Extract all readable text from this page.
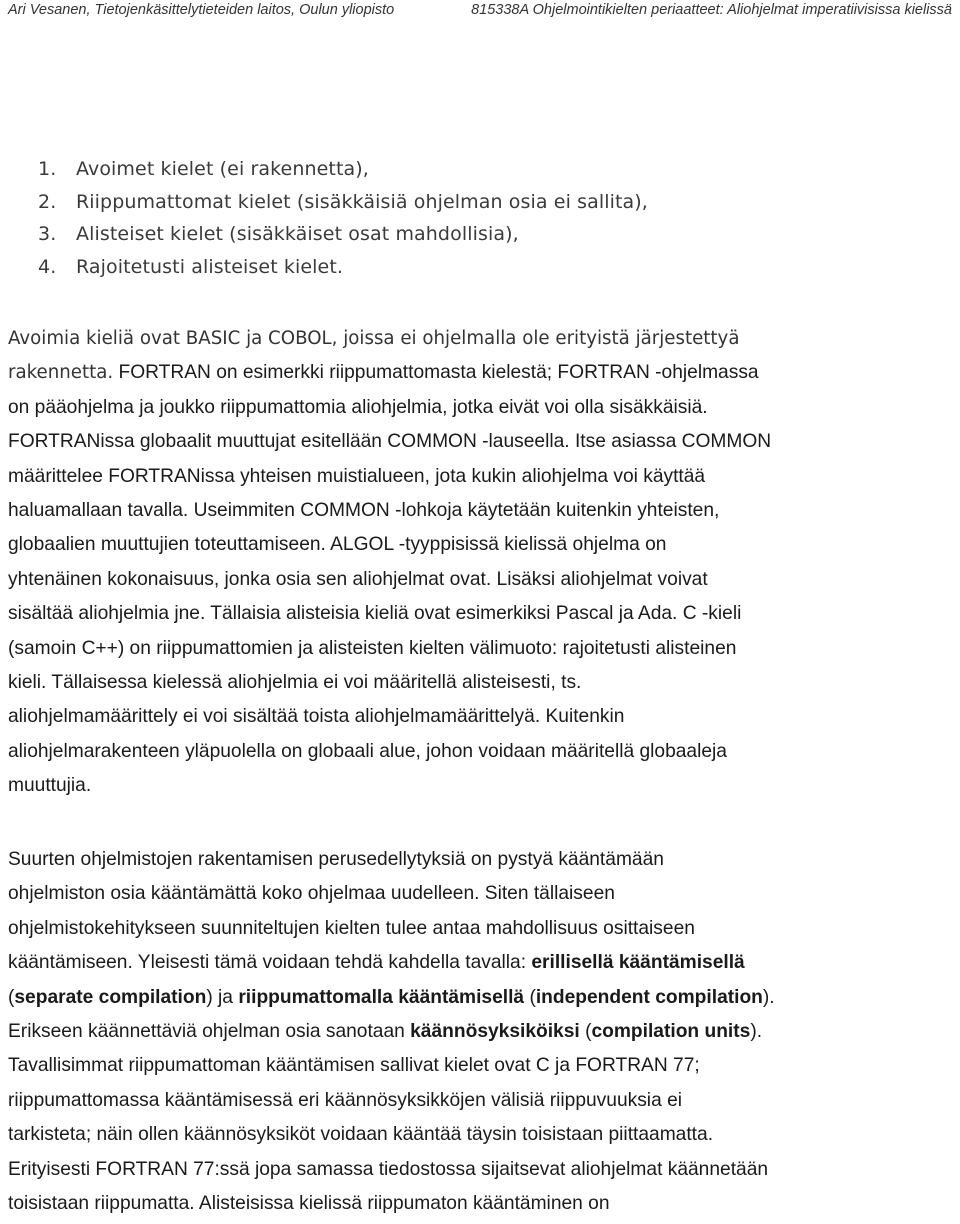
Ari Vesanen, Tietojenkäsittelytieteiden laitos, Oulun yliopisto	815338A Ohjelmointikielten periaatteet: Aliohjelmat imperatiivisissa kielissä
1. Avoimet kielet (ei rakennetta),
2. Riippumattomat kielet (sisäkkäisiä ohjelman osia ei sallita),
3. Alisteiset kielet (sisäkkäiset osat mahdollisia),
4. Rajoitetusti alisteiset kielet.

Avoimia kieliä ovat BASIC ja COBOL, joissa ei ohjelmalla ole erityistä järjestettyä
rakennetta. FORTRAN on esimerkki riippumattomasta kielestä; FORTRAN -ohjelmassa
on pääohjelma ja joukko riippumattomia aliohjelmia, jotka eivät voi olla sisäkkäisiä.
FORTRANissa globaalit muuttujat esitellään COMMON -lauseella. Itse asiassa COMMON
määrittelee FORTRANissa yhteisen muistialueen, jota kukin aliohjelma voi käyttää
haluamallaan tavalla. Useimmiten COMMON -lohkoja käytetään kuitenkin yhteisten,
globaalien muuttujien toteuttamiseen. ALGOL -tyyppisissä kielissä ohjelma on
yhtenäinen kokonaisuus, jonka osia sen aliohjelmat ovat. Lisäksi aliohjelmat voivat
sisältää aliohjelmia jne. Tällaisia alisteisia kieliä ovat esimerkiksi Pascal ja Ada. C -kieli
(samoin C++) on riippumattomien ja alisteisten kielten välimuoto: rajoitetusti alisteinen
kieli. Tällaisessa kielessä aliohjelmia ei voi määritellä alisteisesti, ts.
aliohjelmamäärittely ei voi sisältää toista aliohjelmamäärittelyä. Kuitenkin
aliohjelmarakenteen yläpuolella on globaali alue, johon voidaan määritellä globaaleja
muuttujia.

Suurten ohjelmistojen rakentamisen perusedellytyksiä on pystyä kääntämään
ohjelmiston osia kääntämättä koko ohjelmaa uudelleen. Siten tällaiseen
ohjelmistokehitykseen suunniteltujen kielten tulee antaa mahdollisuus osittaiseen
kääntämiseen. Yleisesti tämä voidaan tehdä kahdella tavalla: erillisellä kääntämisellä
(separate compilation) ja riippumattomalla kääntämisellä (independent compilation).
Erikseen käännettäviä ohjelman osia sanotaan käännösyksiköiksi (compilation units).
Tavallisimmat riippumattoman kääntämisen sallivat kielet ovat C ja FORTRAN 77;
riippumattomassa kääntämisessä eri käännösyksikköjen välisiä riippuvuuksia ei
tarkisteta; näin ollen käännösyksiköt voidaan kääntää täysin toisistaan piittaamatta.
Erityisesti FORTRAN 77:ssä jopa samassa tiedostossa sijaitsevat aliohjelmat käännetään
toisistaan riippumatta. Alisteisissa kielissä riippumaton kääntäminen on
